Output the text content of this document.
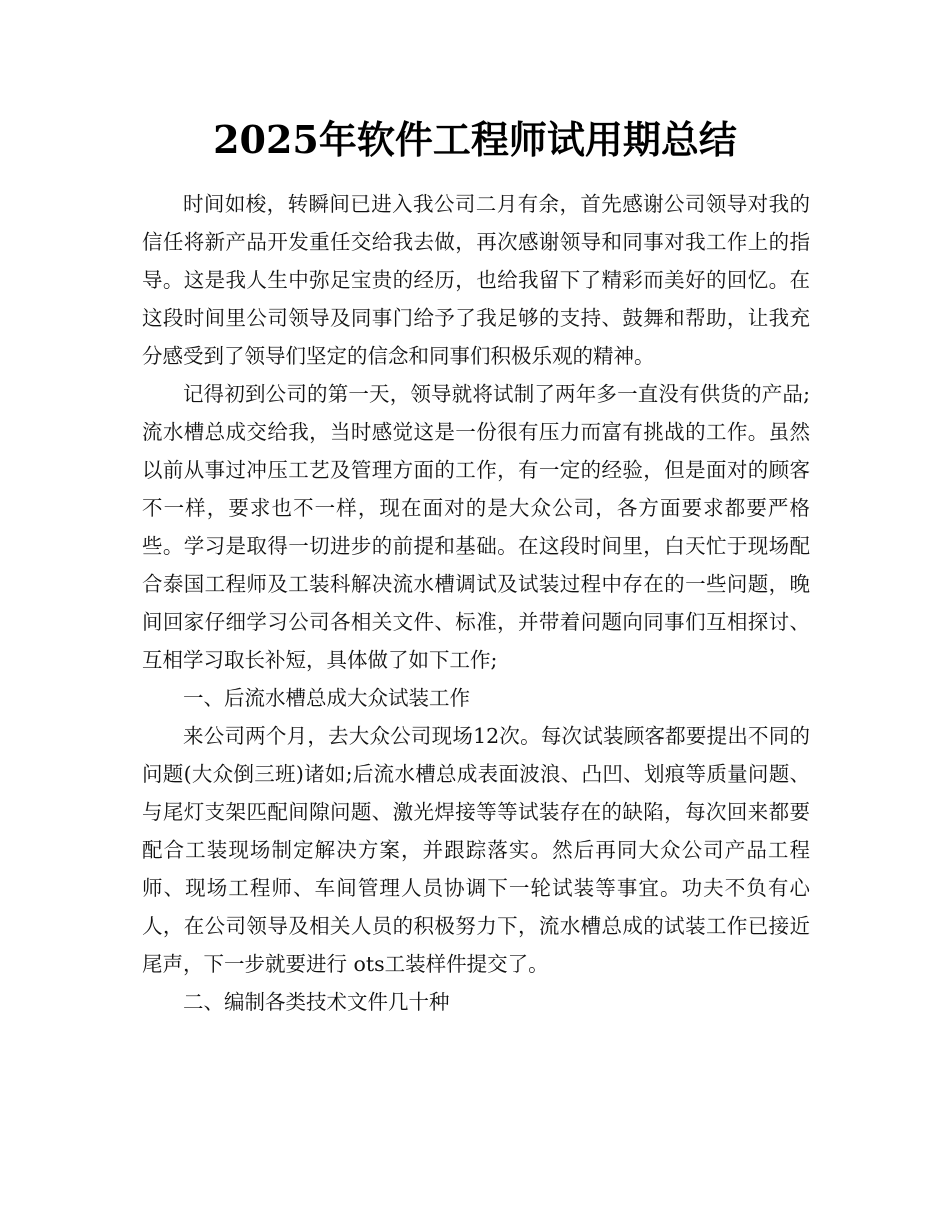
2025年软件工程师试用期总结

时间如梭，转瞬间已进入我公司二月有余，首先感谢公司领导对我的信任将新产品开发重任交给我去做，再次感谢领导和同事对我工作上的指导。这是我人生中弥足宝贵的经历，也给我留下了精彩而美好的回忆。在这段时间里公司领导及同事门给予了我足够的支持、鼓舞和帮助，让我充分感受到了领导们坚定的信念和同事们积极乐观的精神。

记得初到公司的第一天，领导就将试制了两年多一直没有供货的产品;流水槽总成交给我，当时感觉这是一份很有压力而富有挑战的工作。虽然以前从事过冲压工艺及管理方面的工作，有一定的经验，但是面对的顾客不一样，要求也不一样，现在面对的是大众公司，各方面要求都要严格些。学习是取得一切进步的前提和基础。在这段时间里，白天忙于现场配合泰国工程师及工装科解决流水槽调试及试装过程中存在的一些问题，晚间回家仔细学习公司各相关文件、标准，并带着问题向同事们互相探讨、互相学习取长补短，具体做了如下工作;

一、后流水槽总成大众试装工作

来公司两个月，去大众公司现场12次。每次试装顾客都要提出不同的问题(大众倒三班)诸如;后流水槽总成表面波浪、凸凹、划痕等质量问题、与尾灯支架匹配间隙问题、激光焊接等等试装存在的缺陷，每次回来都要配合工装现场制定解决方案，并跟踪落实。然后再同大众公司产品工程师、现场工程师、车间管理人员协调下一轮试装等事宜。功夫不负有心人，在公司领导及相关人员的积极努力下，流水槽总成的试装工作已接近尾声，下一步就要进行 ots工装样件提交了。

二、编制各类技术文件几十种
